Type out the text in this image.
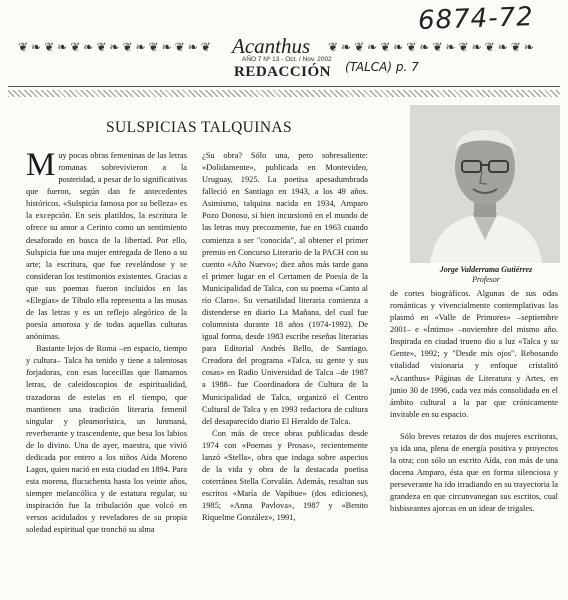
6874-72
❦ ❧ ❦ ❧ ❦ ❧ ❦ ❧ ❦ ❧ ❦ ❧ ❦ ❧ ❦	Acanthus ❦ ❧ ❦ ❧ ❦ ❧ ❦ ❧ ❦ ❧ ❦ ❧ ❦ ❧ ❦ ❧
AÑO 7 Nº 13 - Oct. / Nov. 2002
REDACCIÓN (TALCA) p. 7
SULSPICIAS TALQUINAS
Jorge Valderrama Gutiérrez
Profesor

Muy pocas obras femeninas de las letras romanas sobrevivieron a la posteridad, a pesar de lo significativas que fueron, según dan fe antecedentes históricos. «Sulspicia famosa por su belleza» es la excepción. En seis platildos, la escritura le ofrece su amor a Cerinto como un sentimiento desaforado en busca de la libertad. Por ello, Sulspicia fue una mujer entregada de lleno a su arte; la escritura, que fue revelándose y se consideran los testimonios existentes. Gracias a que sus poemas fueron incluidos en las «Elegías» de Tíbulo ella representa a las musas de las letras y es un reflejo alegórico de la poesía amorosa y de todas aquellas culturas anónimas.

Bastante lejos de Roma –en espacio, tiempo y cultura– Talca ha tenido y tiene a talentosas forjadoras, con esas lucecillas que llamamos letras, de caleidoscopios de espiritualidad, trazadoras de estelas en el tiempo, que mantienen una tradición literaria femenil singular y pleamorística, un lunmaná, reverberante y trascendente, que besa los labios de lo divino. Una de ayer, maestra, que vivió dedicada por entero a los niños Aída Moreno Lagos, quien nació en esta ciudad en 1894. Para esta morena, flucuchenta hasta los veinte años, siempre melancólica y de estatura regular, su inspiración fue la tribulación que volcó en versos acidulados y reveladores de su propia soledad espiritual que tronchó su alma

¿Su obra? Sólo una, pero sobresaliente: «Dolidamente», publicada en Montevideo, Uruguay, 1925. La poetisa apesadumbrada falleció en Santiago en 1943, a los 49 años. Asimismo, talquina nacida en 1934, Amparo Pozo Donoso, si bien incursionó en el mundo de las letras muy precozmente, fue en 1963 cuando comienza a ser "conocida", al obtener el primer premio en Concurso Literario de la PACH con su cuento «Año Nuevo»; diez años más tarde gana el primer lugar en el Certamen de Poesía de la Municipalidad de Talca, con su poema «Canto al río Claro». Su versatilidad literaria comienza a distenderse en diario La Mañana, del cual fue columnista durante 18 años (1974-1992). De igual forma, desde 1983 escribe reseñas literarias para Editorial Andrés Bello, de Santiago. Creadora del programa «Talca, su gente y sus cosas» en Radio Universidad de Talca –de 1987 a 1988– fue Coordinadora de Cultura de la Municipalidad de Talca, organizó el Centro Cultural de Talca y en 1993 redactora de cultura del desaparecido diario El Heraldo de Talca.

Con más de trece obras publicadas desde 1974 con «Poemas y Prosas», recientemente lanzó «Stella», obra que indaga sobre aspectos de la vida y obra de la destacada poetisa coterránea Stella Corvalán. Además, resaltan sus escritos «María de Vapibue» (dos ediciones), 1985; «Anna Pavlova», 1987 y «Benito Riquelme González», 1991,

de cortes biográficos. Algunas de sus odas románticas y vivencialmente contemplativas las plasmó en «Valle de Primores» –septiembre 2001– e «Íntimo» –noviembre del mismo año. Inspirada en ciudad trueno dio a luz «Talca y su Gente», 1992; y "Desde mis ojos". Rebosando vitalidad visionaria y enfoque cristalitó «Acanthus» Páginas de Literatura y Artes, en junio 30 de 1996, cada vez más consolidada en el ámbito cultural a la par que crónicamente invitable en su espacio.

Sólo breves retazos de dos mujeres escritoras, ya ida una, plena de energía positiva y proyectos la otra; con sólo un escrito Aída, con más de una docena Amparo, ésta que en forma silenciosa y perseverante ha ido irradiando en su trayectoria la grandeza en que circunvanegan sus escritos, cual bisbiseantes ajorcas en un idear de trigales.
